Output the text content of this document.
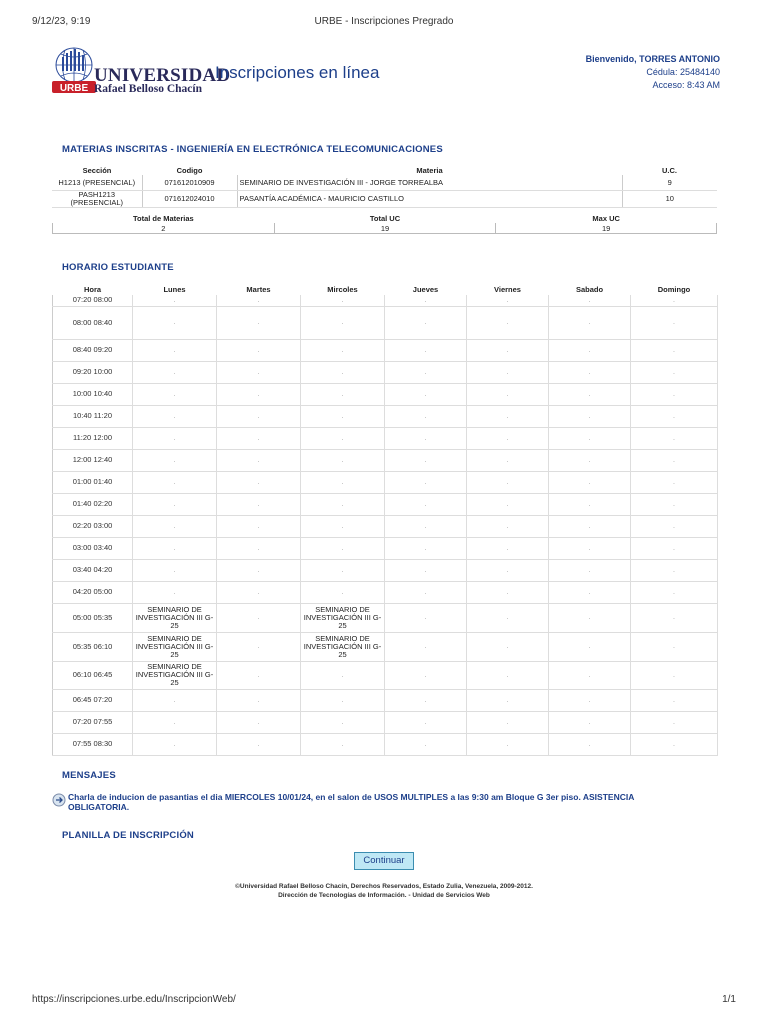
9/12/23, 9:19	URBE - Inscripciones Pregrado
URBE
UNIVERSIDAD
Rafael Belloso Chacín
Inscripciones en línea
Bienvenido, TORRES ANTONIO
Cédula: 25484140
Acceso: 8:43 AM
MATERIAS INSCRITAS - INGENIERÍA EN ELECTRÓNICA TELECOMUNICACIONES
Sección	Codigo	Materia	U.C.
H1213 (PRESENCIAL)	071612010909	SEMINARIO DE INVESTIGACIÓN III - JORGE TORREALBA	9
PASH1213 (PRESENCIAL)	071612024010	PASANTÍA ACADÉMICA - MAURICIO CASTILLO	10
Total de Materias	Total UC	Max UC
2	19	19
HORARIO ESTUDIANTE
Hora	Lunes	Martes	Mircoles	Jueves	Viernes	Sabado	Domingo
07:20 08:00	.	.	.	.	.	.	.
08:00 08:40	.	.	.	.	.	.	.
08:40 09:20	.	.	.	.	.	.	.
09:20 10:00	.	.	.	.	.	.	.
10:00 10:40	.	.	.	.	.	.	.
10:40 11:20	.	.	.	.	.	.	.
11:20 12:00	.	.	.	.	.	.	.
12:00 12:40	.	.	.	.	.	.	.
01:00 01:40	.	.	.	.	.	.	.
01:40 02:20	.	.	.	.	.	.	.
02:20 03:00	.	.	.	.	.	.	.
03:00 03:40	.	.	.	.	.	.	.
03:40 04:20	.	.	.	.	.	.	.
04:20 05:00	.	.	.	.	.	.	.
05:00 05:35	SEMINARIO DE INVESTIGACIÓN III G-25	.	SEMINARIO DE INVESTIGACIÓN III G-25	.	.	.	.
05:35 06:10	SEMINARIO DE INVESTIGACIÓN III G-25	.	SEMINARIO DE INVESTIGACIÓN III G-25	.	.	.	.
06:10 06:45	SEMINARIO DE INVESTIGACIÓN III G-25	.	.	.	.	.	.
06:45 07:20	.	.	.	.	.	.	.
07:20 07:55	.	.	.	.	.	.	.
07:55 08:30	.	.	.	.	.	.	.
MENSAJES
Charla de inducion de pasantias el dia MIERCOLES 10/01/24, en el salon de USOS MULTIPLES a las 9:30 am Bloque G 3er piso. ASISTENCIA OBLIGATORIA.
PLANILLA DE INSCRIPCIÓN
Continuar
©Universidad Rafael Belloso Chacín, Derechos Reservados, Estado Zulia, Venezuela, 2009-2012.
Dirección de Tecnologías de Información. - Unidad de Servicios Web
https://inscripciones.urbe.edu/InscripcionWeb/	1/1
